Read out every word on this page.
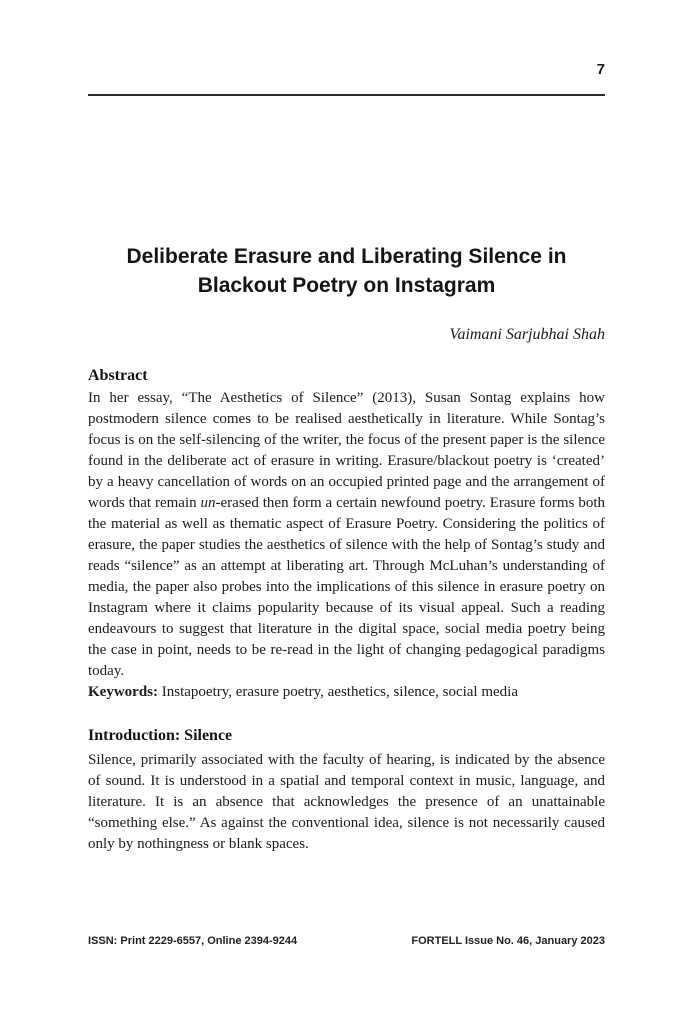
7
Deliberate Erasure and Liberating Silence in
Blackout Poetry on Instagram
Vaimani Sarjubhai Shah
Abstract

In her essay, “The Aesthetics of Silence” (2013), Susan Sontag explains how postmodern silence comes to be realised aesthetically in literature. While Sontag’s focus is on the self-silencing of the writer, the focus of the present paper is the silence found in the deliberate act of erasure in writing. Erasure/blackout poetry is ‘created’ by a heavy cancellation of words on an occupied printed page and the arrangement of words that remain un-erased then form a certain newfound poetry. Erasure forms both the material as well as thematic aspect of Erasure Poetry. Considering the politics of erasure, the paper studies the aesthetics of silence with the help of Sontag’s study and reads “silence” as an attempt at liberating art. Through McLuhan’s understanding of media, the paper also probes into the implications of this silence in erasure poetry on Instagram where it claims popularity because of its visual appeal. Such a reading endeavours to suggest that literature in the digital space, social media poetry being the case in point, needs to be re-read in the light of changing pedagogical paradigms today.

Keywords: Instapoetry, erasure poetry, aesthetics, silence, social media

Introduction: Silence

Silence, primarily associated with the faculty of hearing, is indicated by the absence of sound. It is understood in a spatial and temporal context in music, language, and literature. It is an absence that acknowledges the presence of an unattainable “something else.” As against the conventional idea, silence is not necessarily caused only by nothingness or blank spaces.

ISSN: Print 2229-6557, Online 2394-9244	FORTELL Issue No. 46, January 2023
